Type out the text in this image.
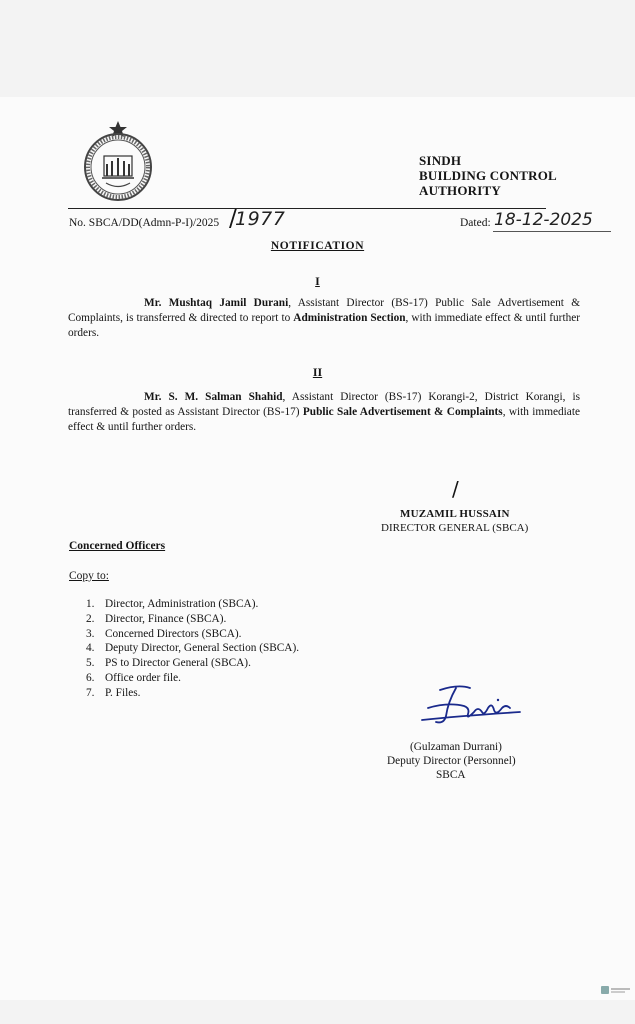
SINDH
BUILDING CONTROL
AUTHORITY
No. SBCA/DD(Admn-P-I)/2025 /
1977	Dated: 18-12-2025
NOTIFICATION
I
Mr. Mushtaq Jamil Durani, Assistant Director (BS-17) Public Sale Advertisement & Complaints, is transferred & directed to report to Administration Section, with immediate effect & until further orders.
II
Mr. S. M. Salman Shahid, Assistant Director (BS-17) Korangi-2, District Korangi, is transferred & posted as Assistant Director (BS-17) Public Sale Advertisement & Complaints, with immediate effect & until further orders.
/
MUZAMIL HUSSAIN
DIRECTOR GENERAL (SBCA)
Concerned Officers
Copy to:
1. Director, Administration (SBCA).
2. Director, Finance (SBCA).
3. Concerned Directors (SBCA).
4. Deputy Director, General Section (SBCA).
5. PS to Director General (SBCA).
6. Office order file.
7. P. Files.
(Gulzaman Durrani)
Deputy Director (Personnel)
SBCA
